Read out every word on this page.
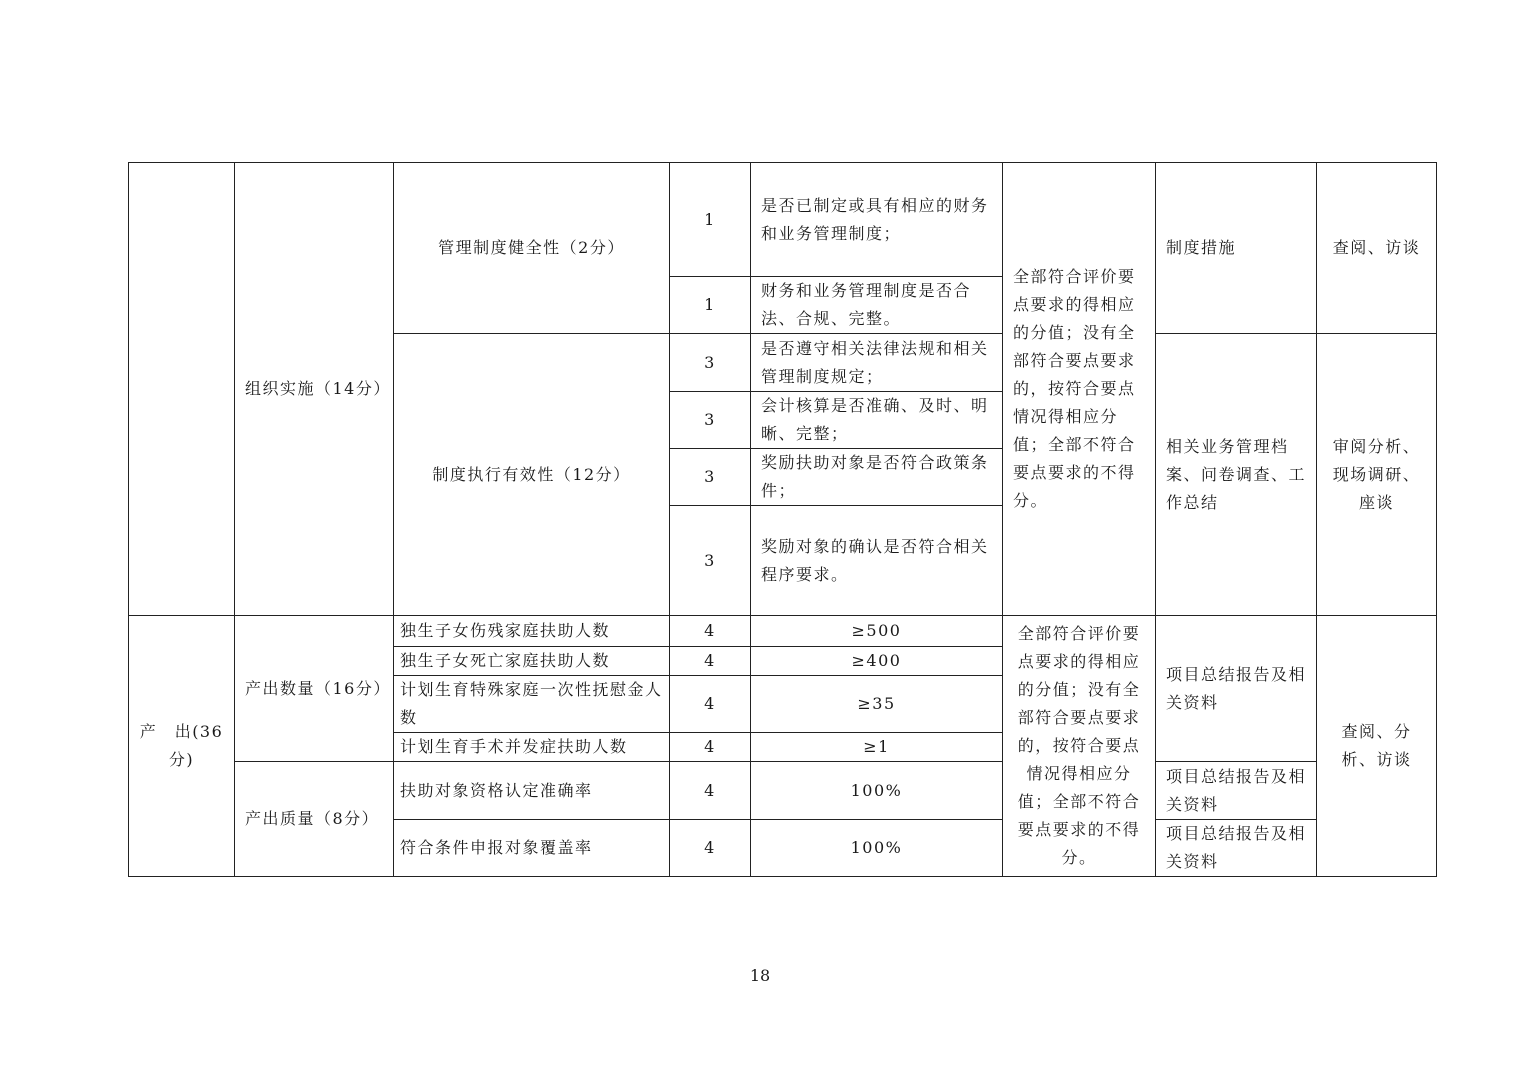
	组织实施（14分）	管理制度健全性（2分）	1	是否已制定或具有相应的财务和业务管理制度；	全部符合评价要点要求的得相应的分值；没有全部符合要点要求的，按符合要点情况得相应分值；全部不符合要点要求的不得分。	制度措施	查阅、访谈
			1	财务和业务管理制度是否合法、合规、完整。			
		制度执行有效性（12分）	3	是否遵守相关法律法规和相关管理制度规定；		相关业务管理档案、问卷调查、工作总结	审阅分析、现场调研、座谈
			3	会计核算是否准确、及时、明晰、完整；			
			3	奖励扶助对象是否符合政策条件；			
			3	奖励对象的确认是否符合相关程序要求。			
产　出(36分)	产出数量（16分）	独生子女伤残家庭扶助人数	4	≥500	全部符合评价要点要求的得相应的分值；没有全部符合要点要求的，按符合要点情况得相应分值；全部不符合要点要求的不得分。	项目总结报告及相关资料	查阅、分析、访谈
		独生子女死亡家庭扶助人数	4	≥400			
		计划生育特殊家庭一次性抚慰金人数	4	≥35			
		计划生育手术并发症扶助人数	4	≥1			
	产出质量（8分）	扶助对象资格认定准确率	4	100%		项目总结报告及相关资料	
		符合条件申报对象覆盖率	4	100%		项目总结报告及相关资料	
18
